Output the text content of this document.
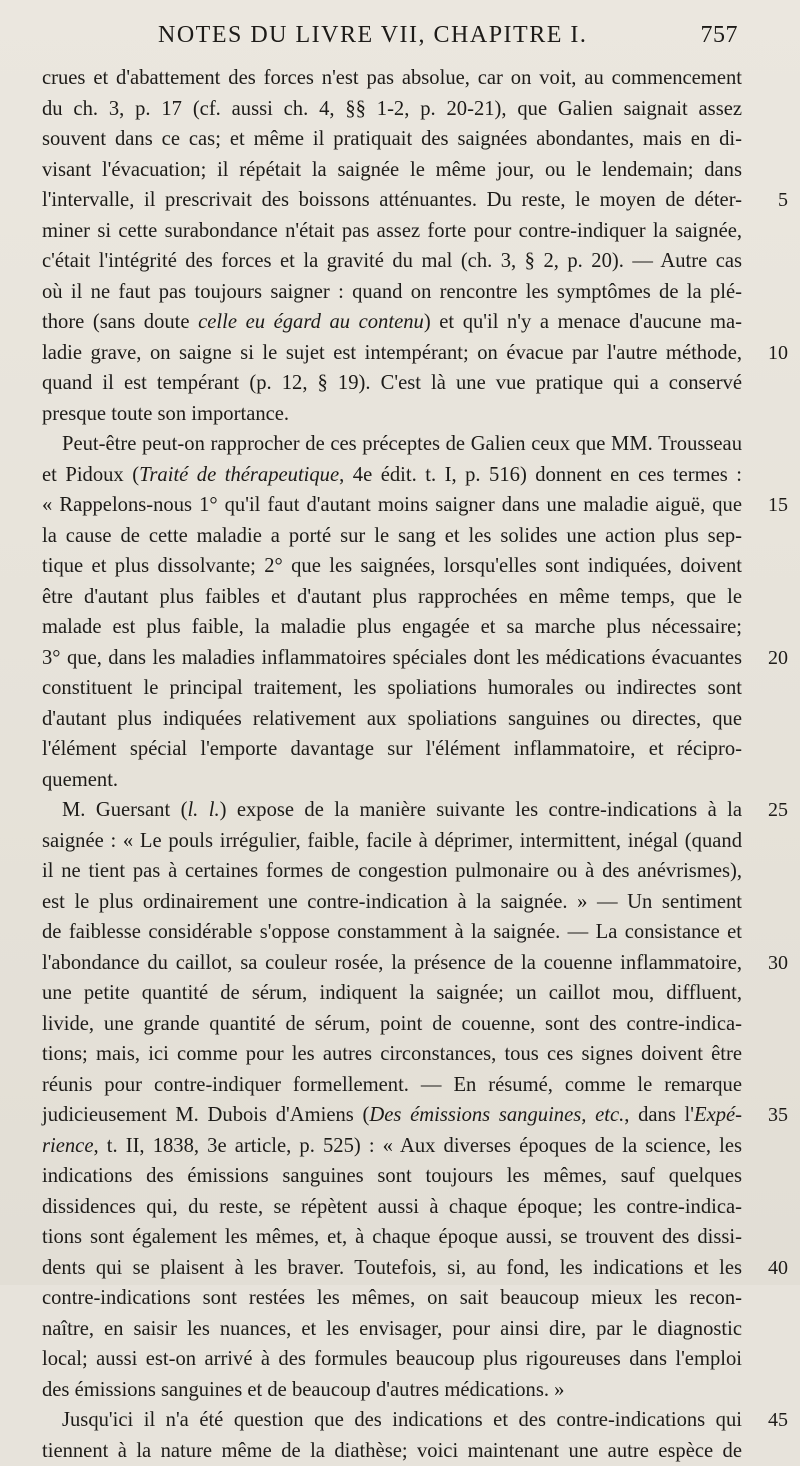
NOTES DU LIVRE VII, CHAPITRE I.	757
crues et d'abattement des forces n'est pas absolue, car on voit, au commencement
du ch. 3, p. 17 (cf. aussi ch. 4, §§ 1-2, p. 20-21), que Galien saignait assez
souvent dans ce cas; et même il pratiquait des saignées abondantes, mais en di-
visant l'évacuation; il répétait la saignée le même jour, ou le lendemain; dans
l'intervalle, il prescrivait des boissons atténuantes. Du reste, le moyen de déter-
miner si cette surabondance n'était pas assez forte pour contre-indiquer la saignée,
c'était l'intégrité des forces et la gravité du mal (ch. 3, § 2, p. 20). — Autre cas
où il ne faut pas toujours saigner : quand on rencontre les symptômes de la plé-
thore (sans doute celle eu égard au contenu) et qu'il n'y a menace d'aucune ma-
ladie grave, on saigne si le sujet est intempérant; on évacue par l'autre méthode,
quand il est tempérant (p. 12, § 19). C'est là une vue pratique qui a conservé
presque toute son importance.
Peut-être peut-on rapprocher de ces préceptes de Galien ceux que MM. Trousseau
et Pidoux (Traité de thérapeutique, 4e édit. t. I, p. 516) donnent en ces termes :
« Rappelons-nous 1° qu'il faut d'autant moins saigner dans une maladie aiguë, que
la cause de cette maladie a porté sur le sang et les solides une action plus sep-
tique et plus dissolvante; 2° que les saignées, lorsqu'elles sont indiquées, doivent
être d'autant plus faibles et d'autant plus rapprochées en même temps, que le
malade est plus faible, la maladie plus engagée et sa marche plus nécessaire;
3° que, dans les maladies inflammatoires spéciales dont les médications évacuantes
constituent le principal traitement, les spoliations humorales ou indirectes sont
d'autant plus indiquées relativement aux spoliations sanguines ou directes, que
l'élément spécial l'emporte davantage sur l'élément inflammatoire, et récipro-
quement.
M. Guersant (l. l.) expose de la manière suivante les contre-indications à la
saignée : « Le pouls irrégulier, faible, facile à déprimer, intermittent, inégal (quand
il ne tient pas à certaines formes de congestion pulmonaire ou à des anévrismes),
est le plus ordinairement une contre-indication à la saignée. » — Un sentiment
de faiblesse considérable s'oppose constamment à la saignée. — La consistance et
l'abondance du caillot, sa couleur rosée, la présence de la couenne inflammatoire,
une petite quantité de sérum, indiquent la saignée; un caillot mou, diffluent,
livide, une grande quantité de sérum, point de couenne, sont des contre-indica-
tions; mais, ici comme pour les autres circonstances, tous ces signes doivent être
réunis pour contre-indiquer formellement. — En résumé, comme le remarque
judicieusement M. Dubois d'Amiens (Des émissions sanguines, etc., dans l'Expé-
rience, t. II, 1838, 3e article, p. 525) : « Aux diverses époques de la science, les
indications des émissions sanguines sont toujours les mêmes, sauf quelques
dissidences qui, du reste, se répètent aussi à chaque époque; les contre-indica-
tions sont également les mêmes, et, à chaque époque aussi, se trouvent des dissi-
dents qui se plaisent à les braver. Toutefois, si, au fond, les indications et les
contre-indications sont restées les mêmes, on sait beaucoup mieux les recon-
naître, en saisir les nuances, et les envisager, pour ainsi dire, par le diagnostic
local; aussi est-on arrivé à des formules beaucoup plus rigoureuses dans l'emploi
des émissions sanguines et de beaucoup d'autres médications. »
Jusqu'ici il n'a été question que des indications et des contre-indications qui
tiennent à la nature même de la diathèse; voici maintenant une autre espèce de
5
10
15
20
25
30
35
40
45
